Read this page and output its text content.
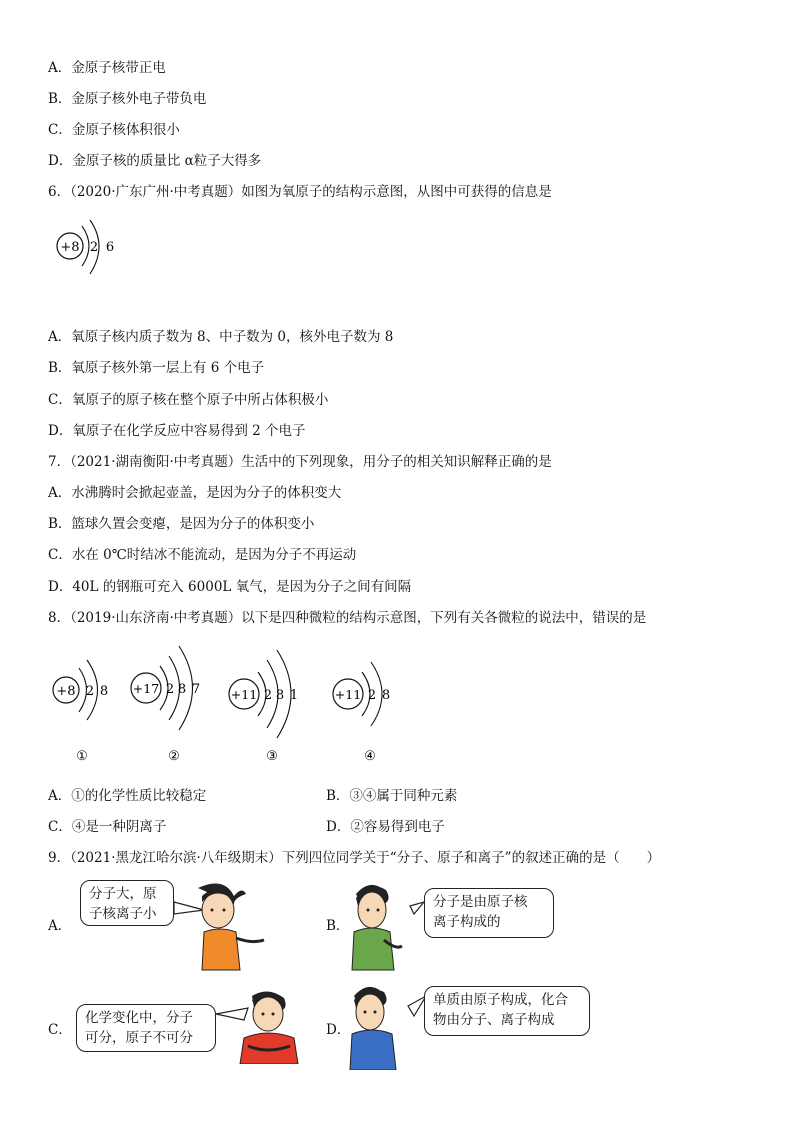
A．金原子核带正电
B．金原子核外电子带负电
C．金原子核体积很小
D．金原子核的质量比 α粒子大得多
6．（2020·广东广州·中考真题）如图为氧原子的结构示意图，从图中可获得的信息是
+8 2 6
A．氧原子核内质子数为 8、中子数为 0，核外电子数为 8
B．氧原子核外第一层上有 6 个电子
C．氧原子的原子核在整个原子中所占体积极小
D．氧原子在化学反应中容易得到 2 个电子
7．（2021·湖南衡阳·中考真题）生活中的下列现象，用分子的相关知识解释正确的是
A．水沸腾时会掀起壶盖，是因为分子的体积变大
B．篮球久置会变瘪，是因为分子的体积变小
C．水在 0℃时结冰不能流动，是因为分子不再运动
D．40L 的钢瓶可充入 6000L 氧气，是因为分子之间有间隔
8．（2019·山东济南·中考真题）以下是四种微粒的结构示意图，下列有关各微粒的说法中，错误的是
+8 2 8
①
+17 2 8 7
②
+11 2 8 1
③
+11 2 8
④
A．①的化学性质比较稳定	B．③④属于同种元素
C．④是一种阴离子	D．②容易得到电子
9．（2021·黑龙江哈尔滨·八年级期末）下列四位同学关于“分子、原子和离子”的叙述正确的是（　　）
A．
分子大，原
子核离子小
B．
分子是由原子核
离子构成的
C．
化学变化中，分子
可分，原子不可分	D．
单质由原子构成，化合
物由分子、离子构成
